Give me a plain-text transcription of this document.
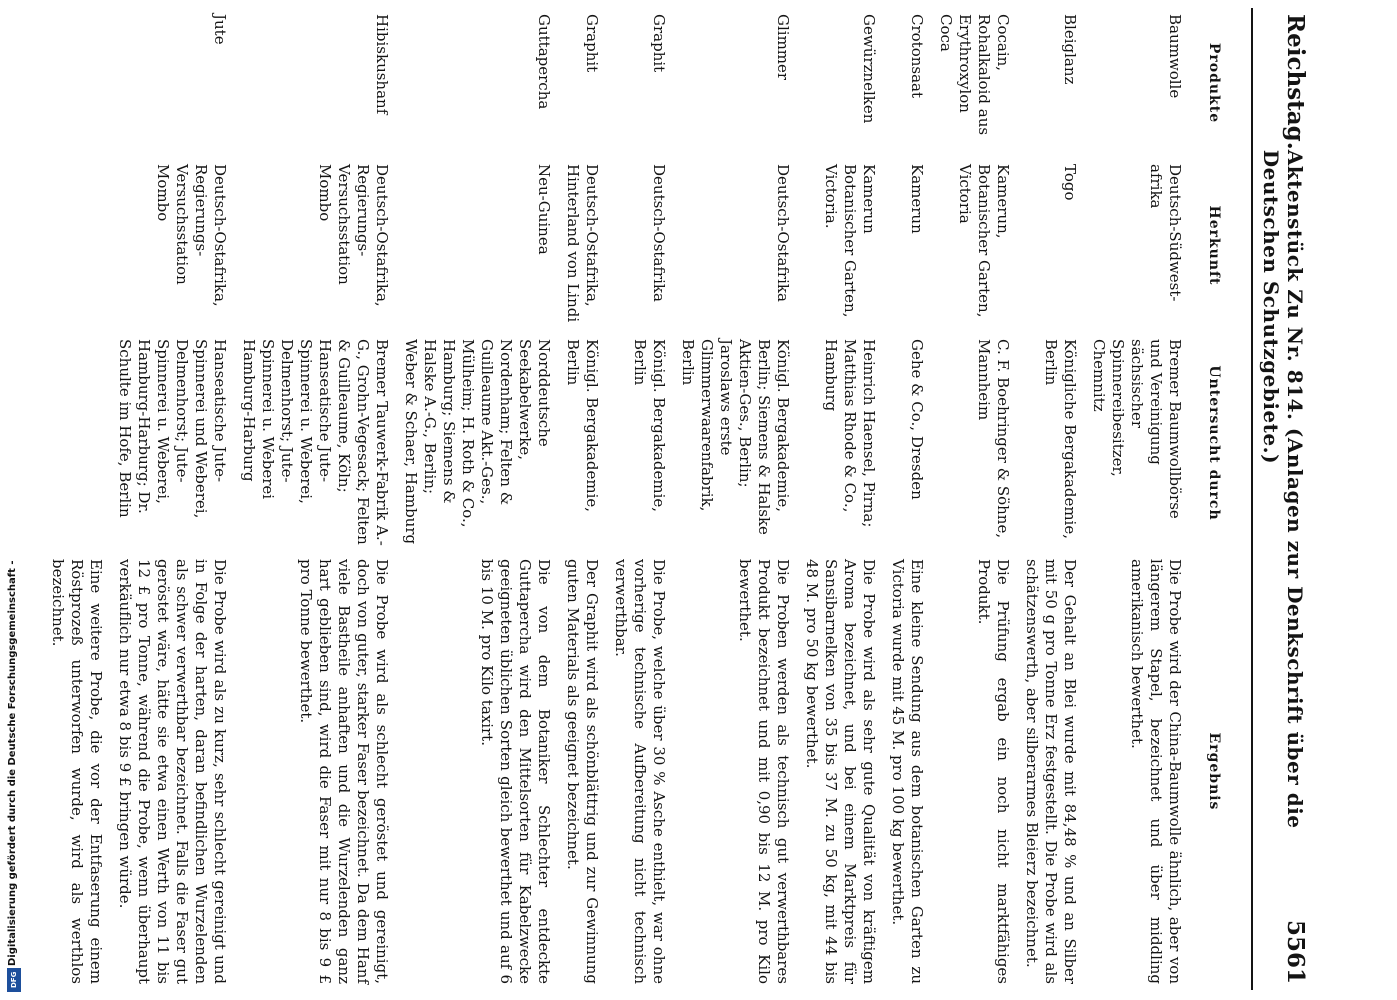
Reichstag.
Aktenstück Zu Nr. 814. (Anlagen zur Denkschrift über die Deutschen Schutzgebiete.)
5561
Produkte	Herkunft	Untersucht durch	Ergebnis
Baumwolle	Deutsch-Südwest-afrika	Bremer Baumwollbörse und Vereinigung sächsischer Spinnereibesitzer, Chemnitz	Die Probe wird der China-Baumwolle ähnlich, aber von längerem Stapel, bezeichnet und über middling amerikanisch bewerthet.
Bleiglanz	Togo	Königliche Bergakademie, Berlin	Der Gehalt an Blei wurde mit 84,48 % und an Silber mit 50 g pro Tonne Erz festgestellt. Die Probe wird als schätzenswerth, aber silberarmes Bleierz bezeichnet.
Cocain, Rohalkaloid aus Erythroxylon Coca	Kamerun, Botanischer Garten, Victoria	C. F. Boehringer & Söhne, Mannheim	Die Prüfung ergab ein noch nicht marktfähiges Produkt.
Crotonsaat	Kamerun	Gehe & Co., Dresden	Eine kleine Sendung aus dem botanischen Garten zu Victoria wurde mit 45 M. pro 100 kg bewerthet.
Gewürznelken	Kamerun Botanischer Garten, Victoria.	Heinrich Haensel, Pirna; Matthias Rhode & Co., Hamburg	Die Probe wird als sehr gute Qualität von kräftigem Aroma bezeichnet, und bei einem Marktpreis für Sansibarnelken von 35 bis 37 M. zu 50 kg, mit 44 bis 48 M. pro 50 kg bewerthet.
Glimmer	Deutsch-Ostafrika	Königl. Bergakademie, Berlin; Siemens & Halske Aktien-Ges., Berlin; Jaroslaws erste Glimmerwaarenfabrik, Berlin	Die Proben werden als technisch gut verwerthbares Produkt bezeichnet und mit 0,90 bis 12 M. pro Kilo bewerthet.
Graphit	Deutsch-Ostafrika	Königl. Bergakademie, Berlin	Die Probe, welche über 30 % Asche enthielt, war ohne vorherige technische Aufbereitung nicht technisch verwerthbar.
Graphit	Deutsch-Ostafrika, Hinterland von Lindi	Königl. Bergakademie, Berlin	Der Graphit wird als schönblättrig und zur Gewinnung guten Materials als geeignet bezeichnet.
Guttapercha	Neu-Guinea	Norddeutsche Seekabelwerke, Nordenham; Felten & Guilleaume Akt.-Ges., Mülheim; H. Roth & Co., Hamburg; Siemens & Halske A.-G., Berlin; Weber & Schaer, Hamburg	Die von dem Botaniker Schlechter entdeckte Guttapercha wird den Mittelsorten für Kabelzwecke geeigneten üblichen Sorten gleich bewerthet und auf 6 bis 10 M. pro Kilo taxirt.
Hibiskushanf	Deutsch-Ostafrika, Regierungs-Versuchsstation Mombo	Bremer Tauwerk-Fabrik A.-G., Grohn-Vegesack; Felten & Guilleaume, Köln; Hanseatische Jute-Spinnerei u. Weberei, Delmenhorst; Jute-Spinnerei u. Weberei Hamburg-Harburg	Die Probe wird als schlecht geröstet und gereinigt, doch von guter, starker Faser bezeichnet. Da dem Hanf viele Bastheile anhaften und die Wurzelenden ganz hart geblieben sind, wird die Faser mit nur 8 bis 9 £ pro Tonne bewerthet.
Jute	Deutsch-Ostafrika, Regierungs-Versuchsstation Mombo	Hanseatische Jute-Spinnerei und Weberei, Delmenhorst; Jute-Spinnerei u. Weberei, Hamburg-Harburg; Dr. Schulte im Hofe, Berlin	Die Probe wird als zu kurz, sehr schlecht gereinigt und in Folge der harten, daran befindlichen Wurzelenden als schwer verwerthbar bezeichnet. Falls die Faser gut geröstet wäre, hätte sie etwa einen Werth von 11 bis 12 £ pro Tonne, während die Probe, wenn überhaupt verkäuflich nur etwa 8 bis 9 £ bringen würde.
			Eine weitere Probe, die vor der Entfaserung einem Röstprozeß unterworfen wurde, wird als werthlos bezeichnet.
Digitalisierung gefördert durch die Deutsche Forschungsgemeinschaft -
DFG
